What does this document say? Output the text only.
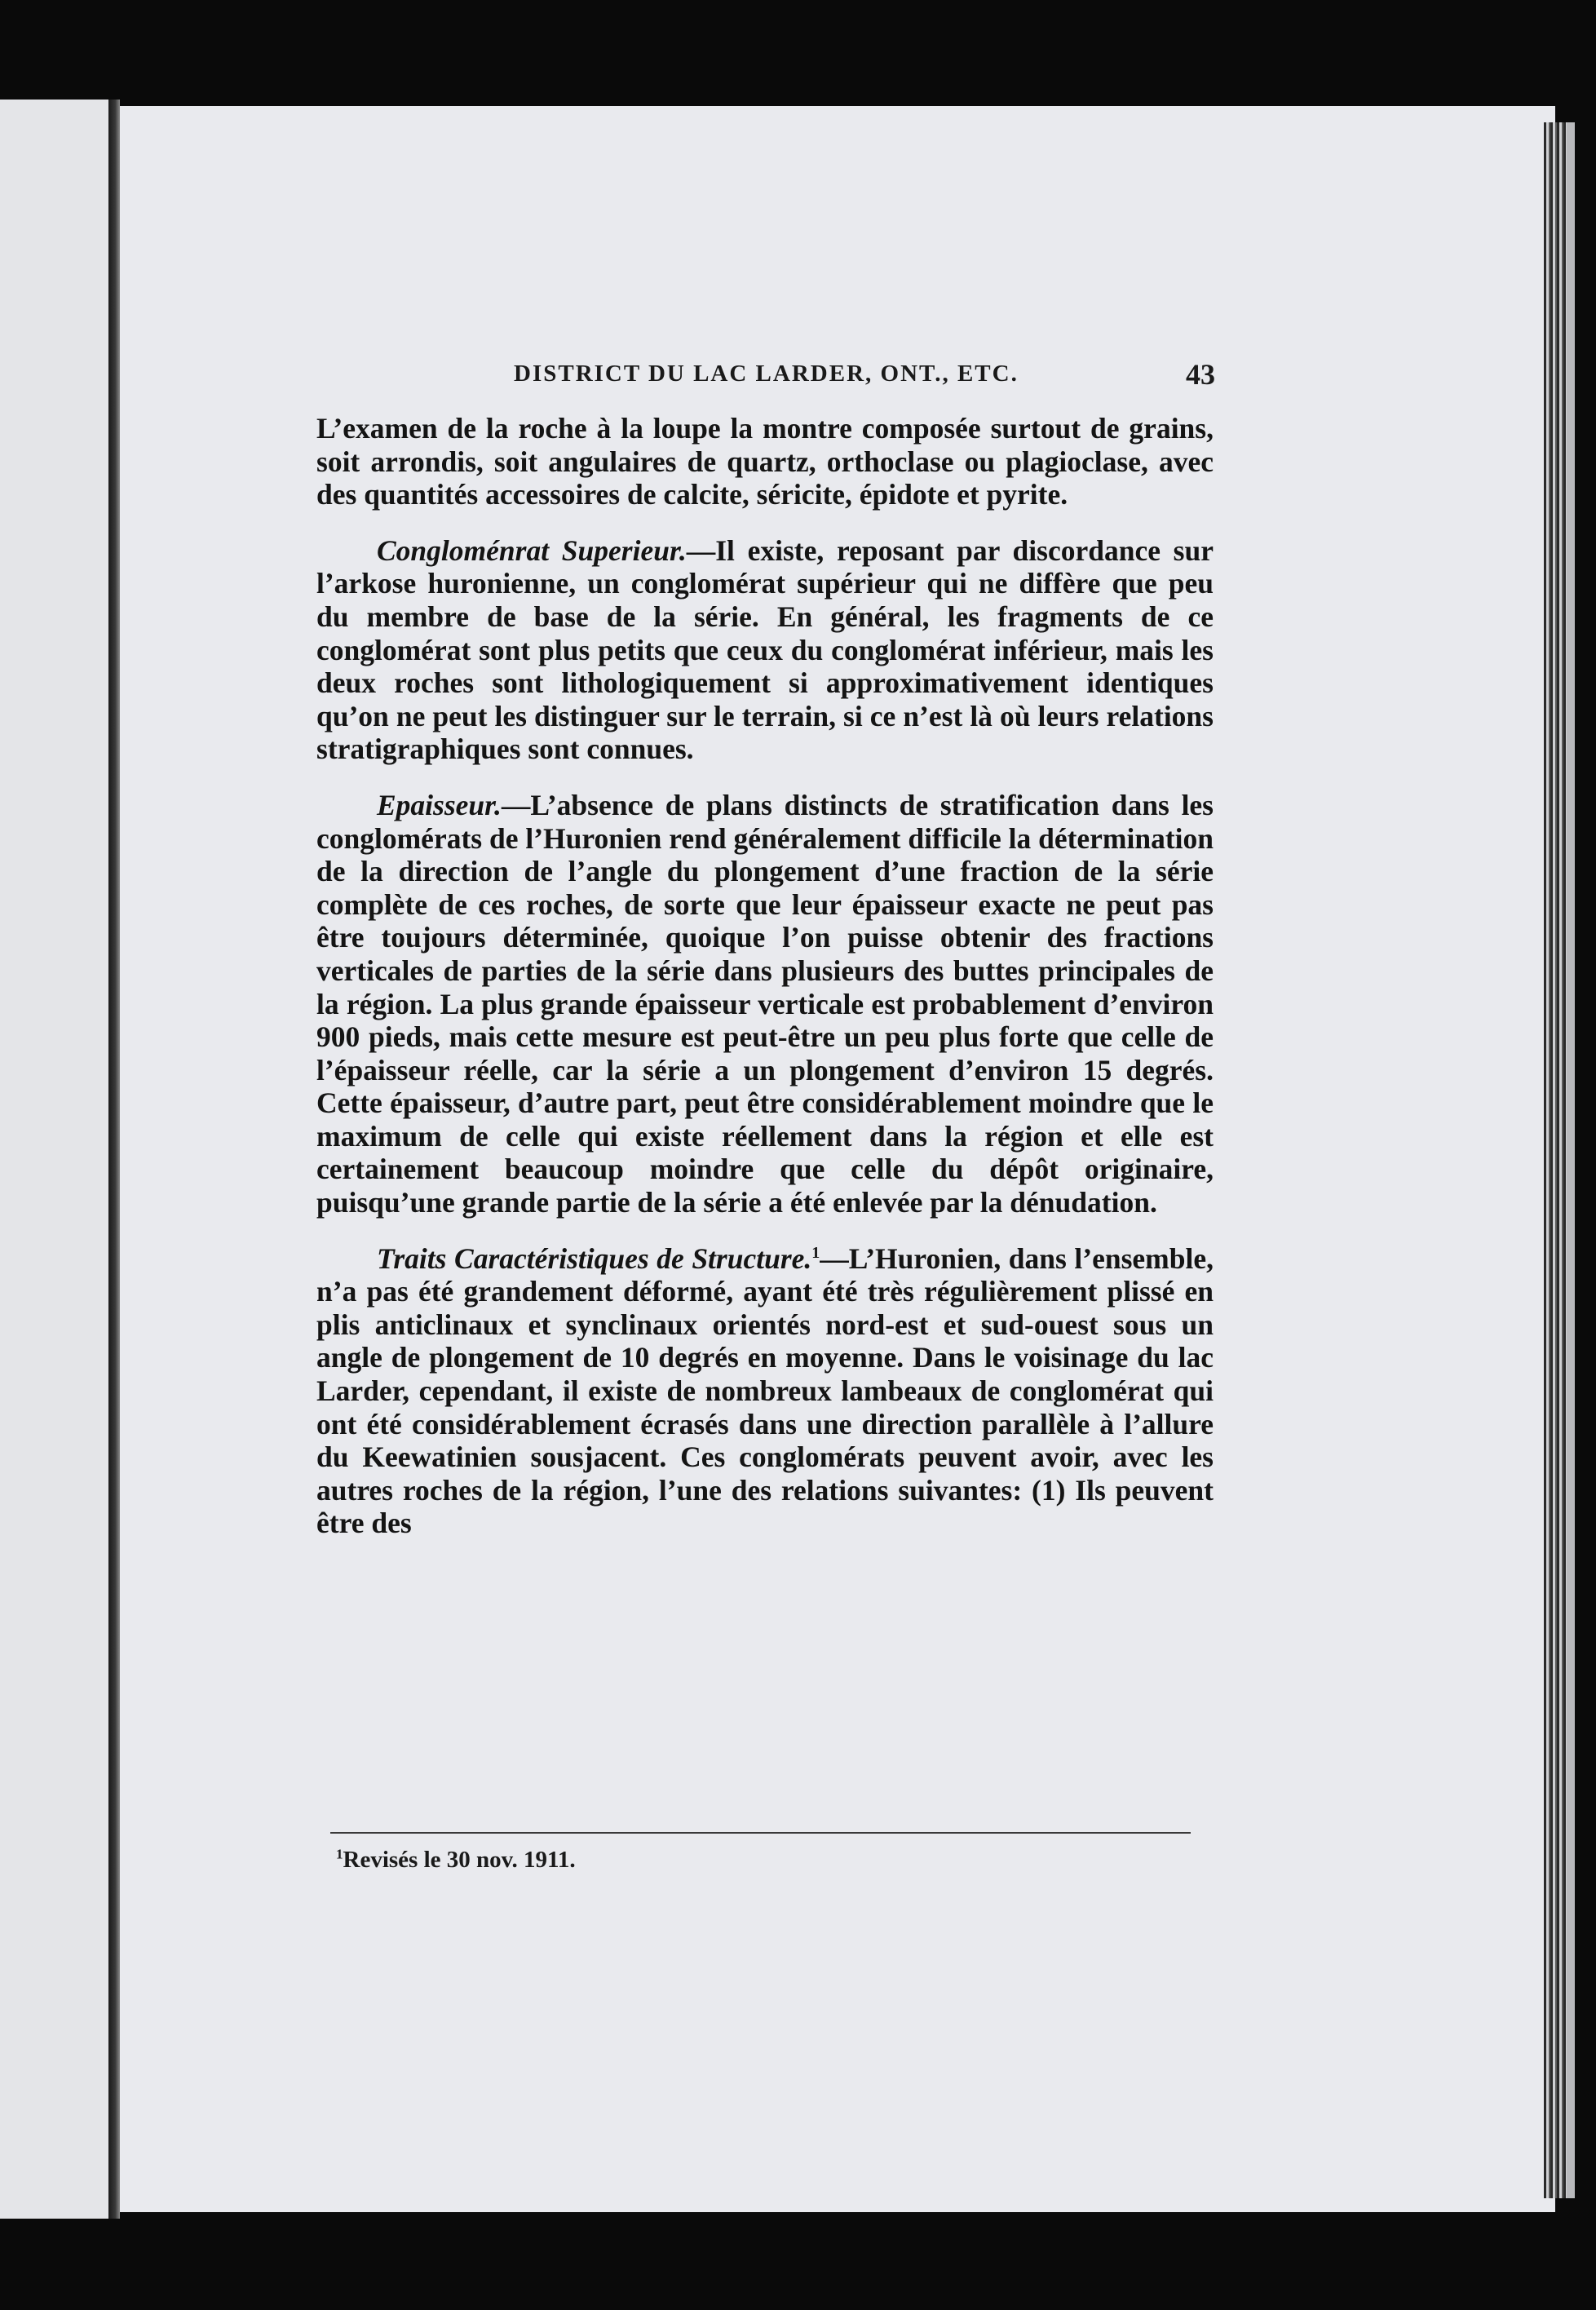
DISTRICT DU LAC LARDER, ONT., ETC.	43

L’examen de la roche à la loupe la montre composée surtout de grains, soit arrondis, soit angulaires de quartz, orthoclase ou plagioclase, avec des quantités accessoires de calcite, séricite, épidote et pyrite.

Congloménrat Superieur.—Il existe, reposant par discordance sur l’arkose huronienne, un conglomérat supérieur qui ne diffère que peu du membre de base de la série. En général, les fragments de ce conglomérat sont plus petits que ceux du conglomérat inférieur, mais les deux roches sont lithologiquement si approximativement identiques qu’on ne peut les distinguer sur le terrain, si ce n’est là où leurs relations stratigraphiques sont connues.

Epaisseur.—L’absence de plans distincts de stratification dans les conglomérats de l’Huronien rend généralement difficile la détermination de la direction de l’angle du plongement d’une fraction de la série complète de ces roches, de sorte que leur épaisseur exacte ne peut pas être toujours déterminée, quoique l’on puisse obtenir des fractions verticales de parties de la série dans plusieurs des buttes principales de la région. La plus grande épaisseur verticale est probablement d’environ 900 pieds, mais cette mesure est peut-être un peu plus forte que celle de l’épaisseur réelle, car la série a un plongement d’environ 15 degrés. Cette épaisseur, d’autre part, peut être considérablement moindre que le maximum de celle qui existe réellement dans la région et elle est certainement beaucoup moindre que celle du dépôt originaire, puisqu’une grande partie de la série a été enlevée par la dénudation.

Traits Caractéristiques de Structure.$^1$—L’Huronien, dans l’ensemble, n’a pas été grandement déformé, ayant été très régulièrement plissé en plis anticlinaux et synclinaux orientés nord-est et sud-ouest sous un angle de plongement de 10 degrés en moyenne. Dans le voisinage du lac Larder, cependant, il existe de nombreux lambeaux de conglomérat qui ont été considérablement écrasés dans une direction parallèle à l’allure du Keewatinien sousjacent. Ces conglomérats peuvent avoir, avec les autres roches de la région, l’une des relations suivantes: (1) Ils peuvent être des

$^1$Revisés le 30 nov. 1911.
